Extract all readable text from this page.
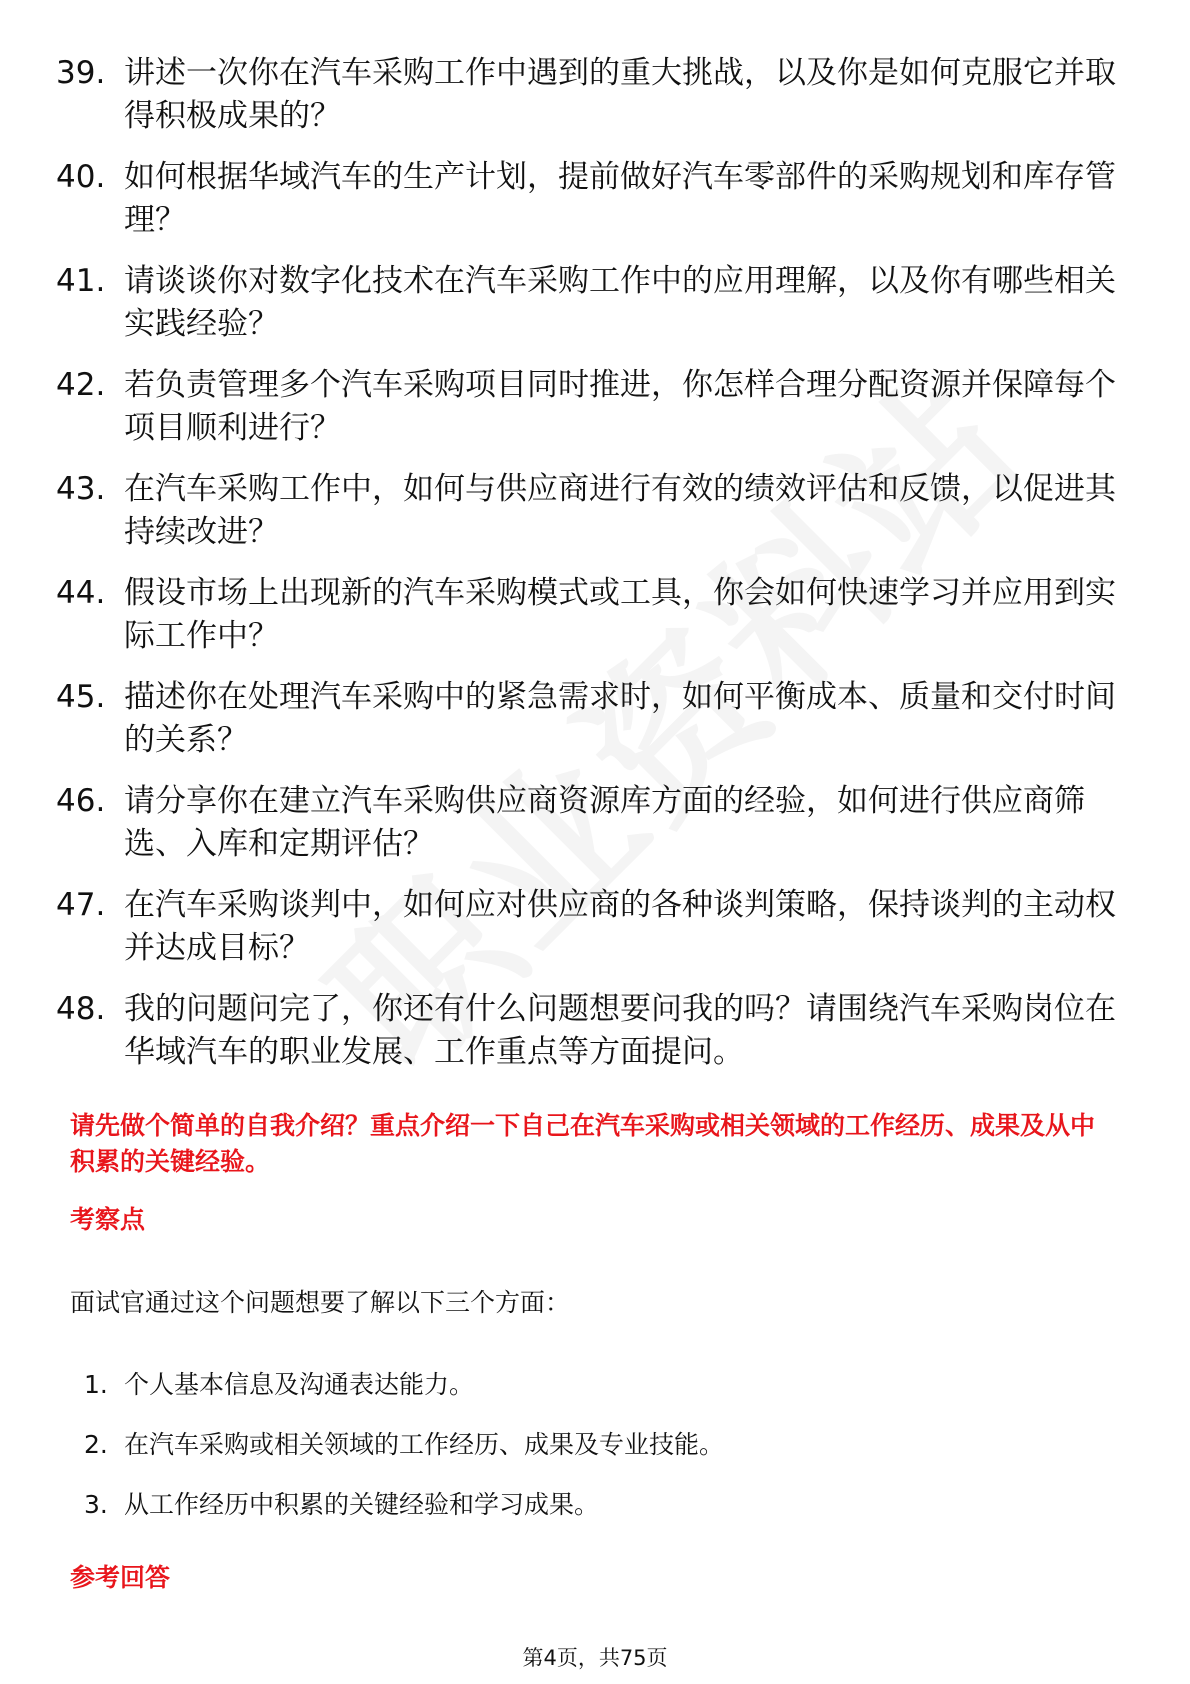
39. 讲述一次你在汽车采购工作中遇到的重大挑战，以及你是如何克服它并取得积极成果的？
40. 如何根据华域汽车的生产计划，提前做好汽车零部件的采购规划和库存管理？
41. 请谈谈你对数字化技术在汽车采购工作中的应用理解，以及你有哪些相关实践经验？
42. 若负责管理多个汽车采购项目同时推进，你怎样合理分配资源并保障每个项目顺利进行？
43. 在汽车采购工作中，如何与供应商进行有效的绩效评估和反馈，以促进其持续改进？
44. 假设市场上出现新的汽车采购模式或工具，你会如何快速学习并应用到实际工作中？
45. 描述你在处理汽车采购中的紧急需求时，如何平衡成本、质量和交付时间的关系？
46. 请分享你在建立汽车采购供应商资源库方面的经验，如何进行供应商筛选、入库和定期评估？
47. 在汽车采购谈判中，如何应对供应商的各种谈判策略，保持谈判的主动权并达成目标？
48. 我的问题问完了，你还有什么问题想要问我的吗？请围绕汽车采购岗位在华域汽车的职业发展、工作重点等方面提问。
请先做个简单的自我介绍？重点介绍一下自己在汽车采购或相关领域的工作经历、成果及从中积累的关键经验。
考察点
面试官通过这个问题想要了解以下三个方面：
1. 个人基本信息及沟通表达能力。
2. 在汽车采购或相关领域的工作经历、成果及专业技能。
3. 从工作经历中积累的关键经验和学习成果。
参考回答
第4页，共75页
